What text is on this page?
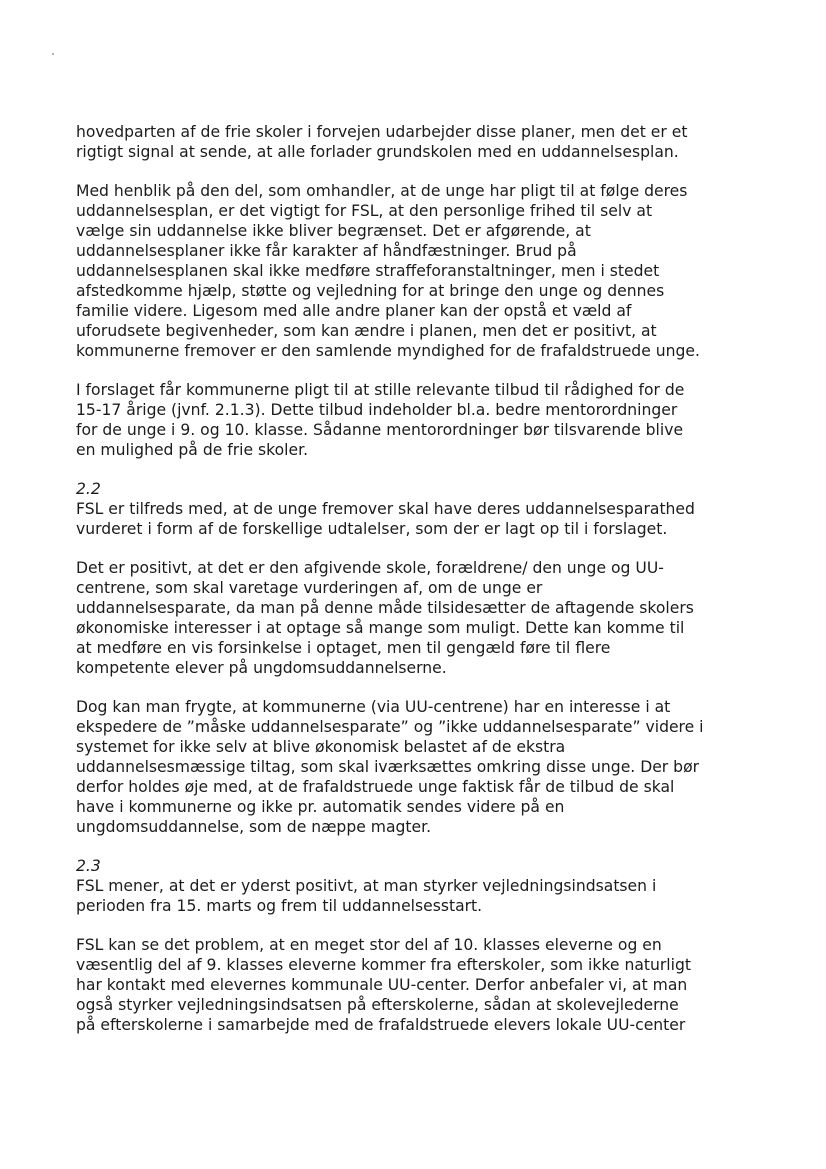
hovedparten af de frie skoler i forvejen udarbejder disse planer, men det er et
rigtigt signal at sende, at alle forlader grundskolen med en uddannelsesplan.
Med henblik på den del, som omhandler, at de unge har pligt til at følge deres
uddannelsesplan, er det vigtigt for FSL, at den personlige frihed til selv at
vælge sin uddannelse ikke bliver begrænset. Det er afgørende, at
uddannelsesplaner ikke får karakter af håndfæstninger. Brud på
uddannelsesplanen skal ikke medføre straffeforanstaltninger, men i stedet
afstedkomme hjælp, støtte og vejledning for at bringe den unge og dennes
familie videre. Ligesom med alle andre planer kan der opstå et væld af
uforudsete begivenheder, som kan ændre i planen, men det er positivt, at
kommunerne fremover er den samlende myndighed for de frafaldstruede unge.
I forslaget får kommunerne pligt til at stille relevante tilbud til rådighed for de
15-17 årige (jvnf. 2.1.3). Dette tilbud indeholder bl.a. bedre mentorordninger
for de unge i 9. og 10. klasse. Sådanne mentorordninger bør tilsvarende blive
en mulighed på de frie skoler.
2.2
FSL er tilfreds med, at de unge fremover skal have deres uddannelsesparathed
vurderet i form af de forskellige udtalelser, som der er lagt op til i forslaget.
Det er positivt, at det er den afgivende skole, forældrene/ den unge og UU-
centrene, som skal varetage vurderingen af, om de unge er
uddannelsesparate, da man på denne måde tilsidesætter de aftagende skolers
økonomiske interesser i at optage så mange som muligt. Dette kan komme til
at medføre en vis forsinkelse i optaget, men til gengæld føre til flere
kompetente elever på ungdomsuddannelserne.
Dog kan man frygte, at kommunerne (via UU-centrene) har en interesse i at
ekspedere de ”måske uddannelsesparate” og ”ikke uddannelsesparate” videre i
systemet for ikke selv at blive økonomisk belastet af de ekstra
uddannelsesmæssige tiltag, som skal iværksættes omkring disse unge. Der bør
derfor holdes øje med, at de frafaldstruede unge faktisk får de tilbud de skal
have i kommunerne og ikke pr. automatik sendes videre på en
ungdomsuddannelse, som de næppe magter.
2.3
FSL mener, at det er yderst positivt, at man styrker vejledningsindsatsen i
perioden fra 15. marts og frem til uddannelsesstart.
FSL kan se det problem, at en meget stor del af 10. klasses eleverne og en
væsentlig del af 9. klasses eleverne kommer fra efterskoler, som ikke naturligt
har kontakt med elevernes kommunale UU-center. Derfor anbefaler vi, at man
også styrker vejledningsindsatsen på efterskolerne, sådan at skolevejlederne
på efterskolerne i samarbejde med de frafaldstruede elevers lokale UU-center
